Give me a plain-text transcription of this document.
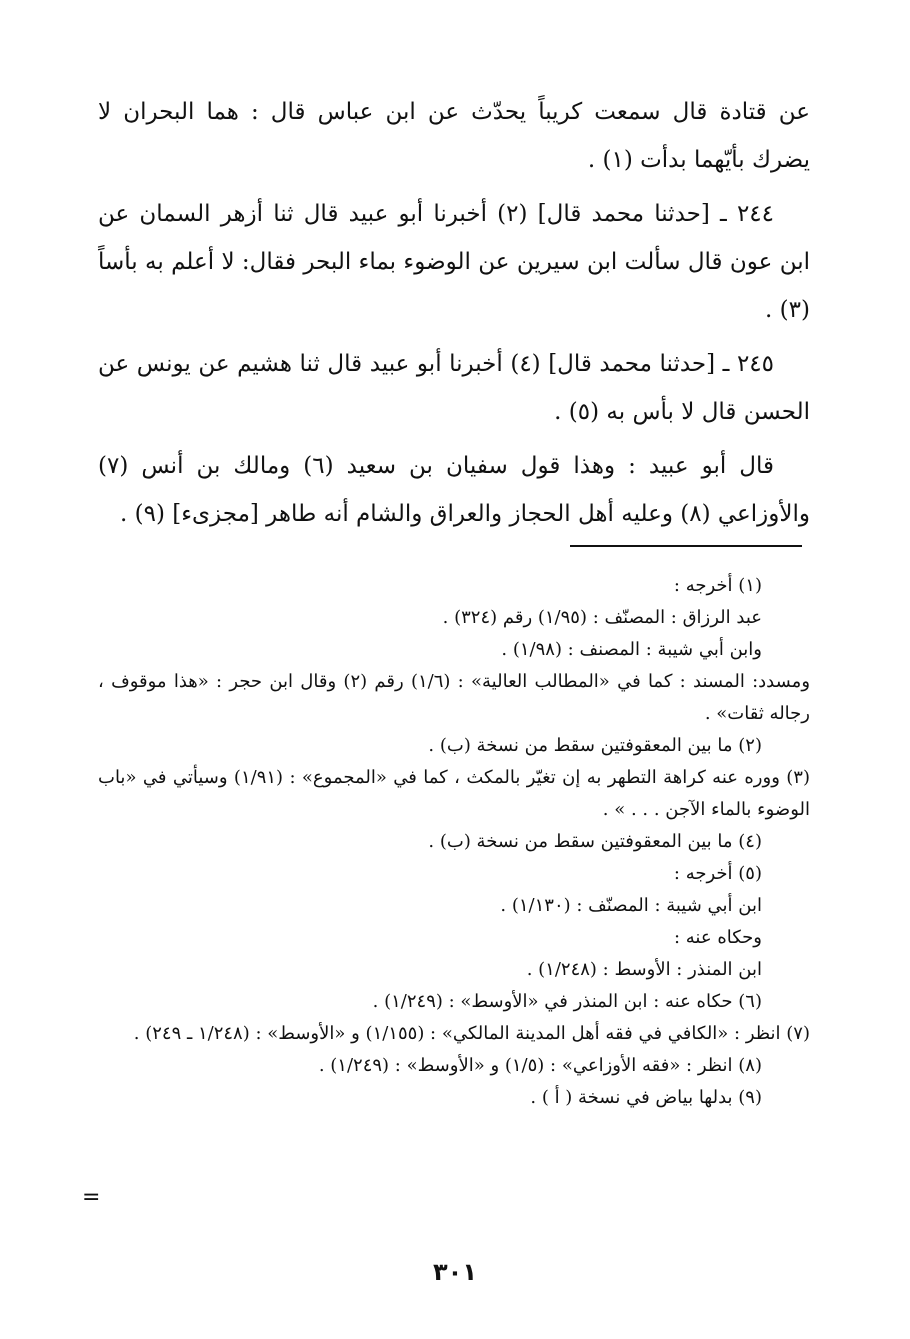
عن قتادة قال سمعت كريباً يحدّث عن ابن عباس قال : هما البحران لا يضرك بأيّهما بدأت (١) .

٢٤٤ ـ [حدثنا محمد قال] (٢) أخبرنا أبو عبيد قال ثنا أزهر السمان عن ابن عون قال سألت ابن سيرين عن الوضوء بماء البحر فقال: لا أعلم به بأساً (٣) .

٢٤٥ ـ [حدثنا محمد قال] (٤) أخبرنا أبو عبيد قال ثنا هشيم عن يونس عن الحسن قال لا بأس به (٥) .

قال أبو عبيد : وهذا قول سفيان بن سعيد (٦) ومالك بن أنس (٧) والأوزاعي (٨) وعليه أهل الحجاز والعراق والشام أنه طاهر [مجزىء] (٩) .

(١) أخرجه :

عبد الرزاق : المصنّف : (١/٩٥) رقم (٣٢٤) .

وابن أبي شيبة : المصنف : (١/٩٨) .

ومسدد: المسند : كما في «المطالب العالية» : (١/٦) رقم (٢) وقال ابن حجر : «هذا موقوف ، رجاله ثقات» .

(٢) ما بين المعقوفتين سقط من نسخة (ب) .

(٣) ووره عنه كراهة التطهر به إن تغيّر بالمكث ، كما في «المجموع» : (١/٩١) وسيأتي في «باب الوضوء بالماء الآجن . . . » .

(٤) ما بين المعقوفتين سقط من نسخة (ب) .

(٥) أخرجه :

ابن أبي شيبة : المصنّف : (١/١٣٠) .

وحكاه عنه :

ابن المنذر : الأوسط : (١/٢٤٨) .

(٦) حكاه عنه : ابن المنذر في «الأوسط» : (١/٢٤٩) .

(٧) انظر : «الكافي في فقه أهل المدينة المالكي» : (١/١٥٥) و «الأوسط» : (١/٢٤٨ ـ ٢٤٩) .

(٨) انظر : «فقه الأوزاعي» : (١/٥) و «الأوسط» : (١/٢٤٩) .

(٩) بدلها بياض في نسخة ( أ ) .

=
٣٠١
